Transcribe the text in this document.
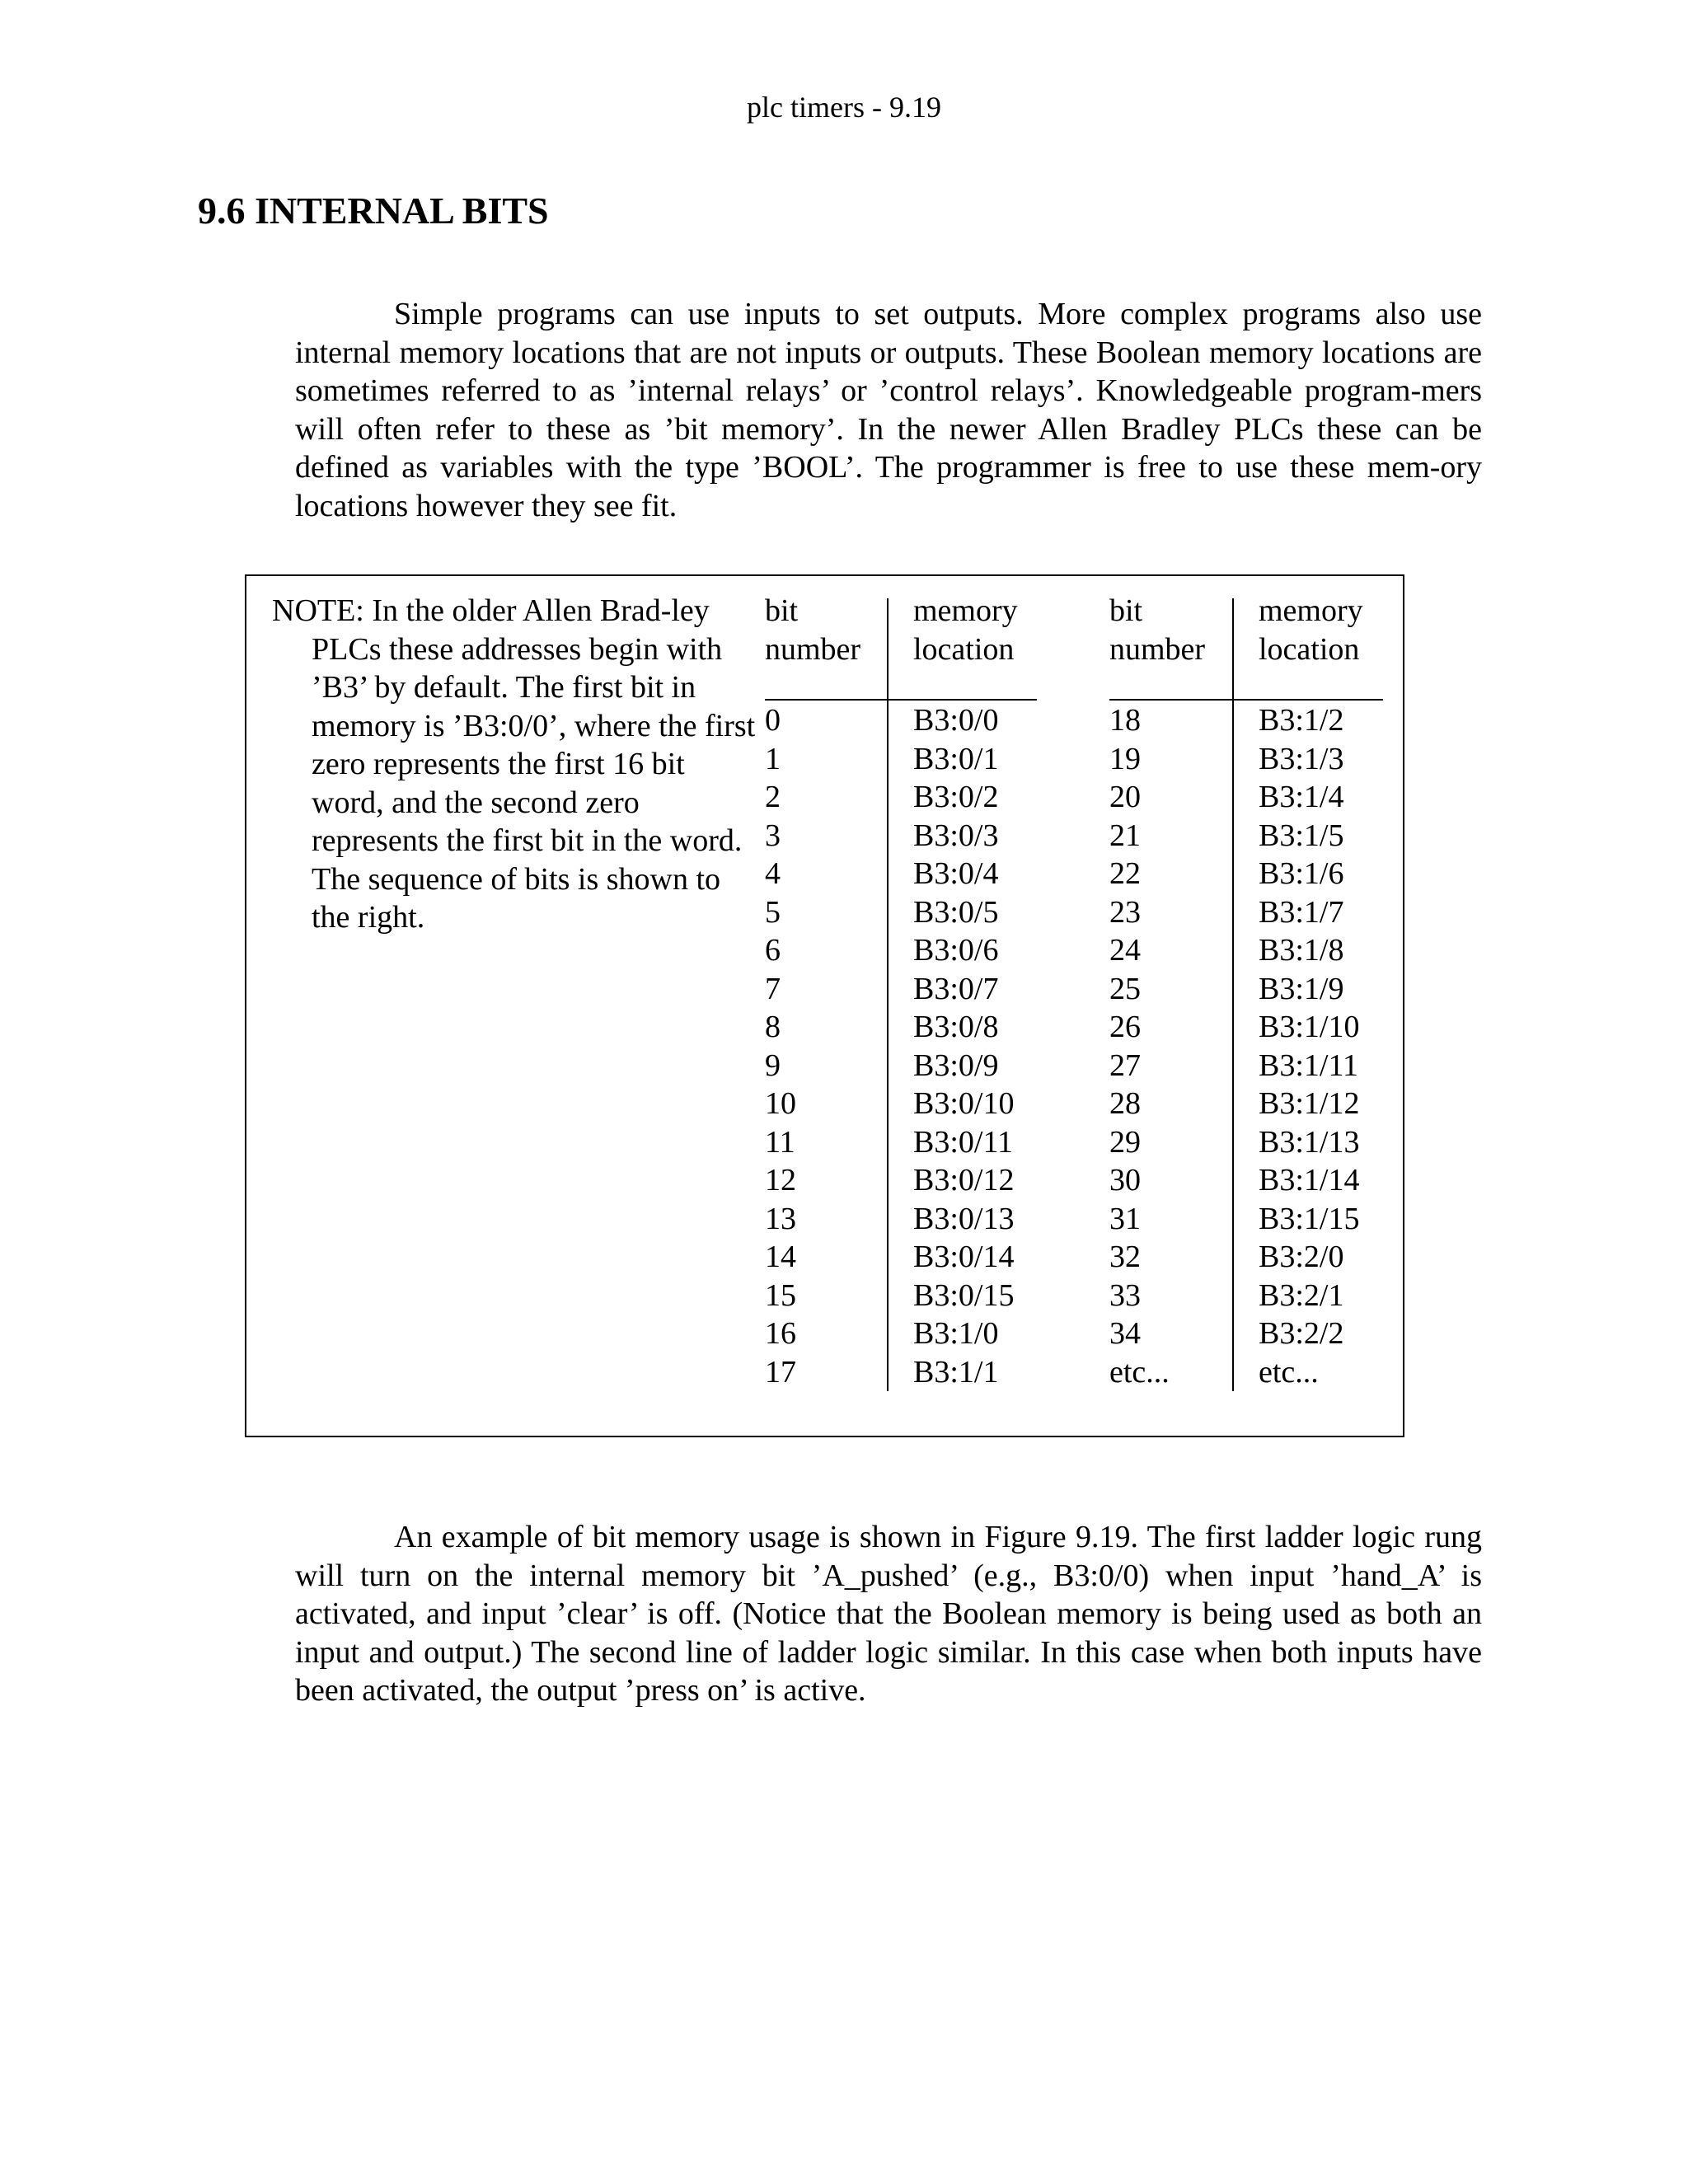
plc timers - 9.19
9.6 INTERNAL BITS

Simple programs can use inputs to set outputs. More complex programs also use internal memory locations that are not inputs or outputs. These Boolean memory locations are sometimes referred to as ’internal relays’ or ’control relays’. Knowledgeable program-mers will often refer to these as ’bit memory’. In the newer Allen Bradley PLCs these can be defined as variables with the type ’BOOL’. The programmer is free to use these mem-ory locations however they see fit.

NOTE: In the older Allen Brad-ley PLCs these addresses begin with ’B3’ by default. The first bit in memory is ’B3:0/0’, where the first zero represents the first 16 bit word, and the second zero represents the first bit in the word. The sequence of bits is shown to the right.

bit
number
0
1
2
3
4
5
6
7
8
9
10
11
12
13
14
15
16
17
memory
location
B3:0/0
B3:0/1
B3:0/2
B3:0/3
B3:0/4
B3:0/5
B3:0/6
B3:0/7
B3:0/8
B3:0/9
B3:0/10
B3:0/11
B3:0/12
B3:0/13
B3:0/14
B3:0/15
B3:1/0
B3:1/1
bit
number
18
19
20
21
22
23
24
25
26
27
28
29
30
31
32
33
34
etc...
memory
location
B3:1/2
B3:1/3
B3:1/4
B3:1/5
B3:1/6
B3:1/7
B3:1/8
B3:1/9
B3:1/10
B3:1/11
B3:1/12
B3:1/13
B3:1/14
B3:1/15
B3:2/0
B3:2/1
B3:2/2
etc...

An example of bit memory usage is shown in Figure 9.19. The first ladder logic rung will turn on the internal memory bit ’A_pushed’ (e.g., B3:0/0) when input ’hand_A’ is activated, and input ’clear’ is off. (Notice that the Boolean memory is being used as both an input and output.) The second line of ladder logic similar. In this case when both inputs have been activated, the output ’press on’ is active.
